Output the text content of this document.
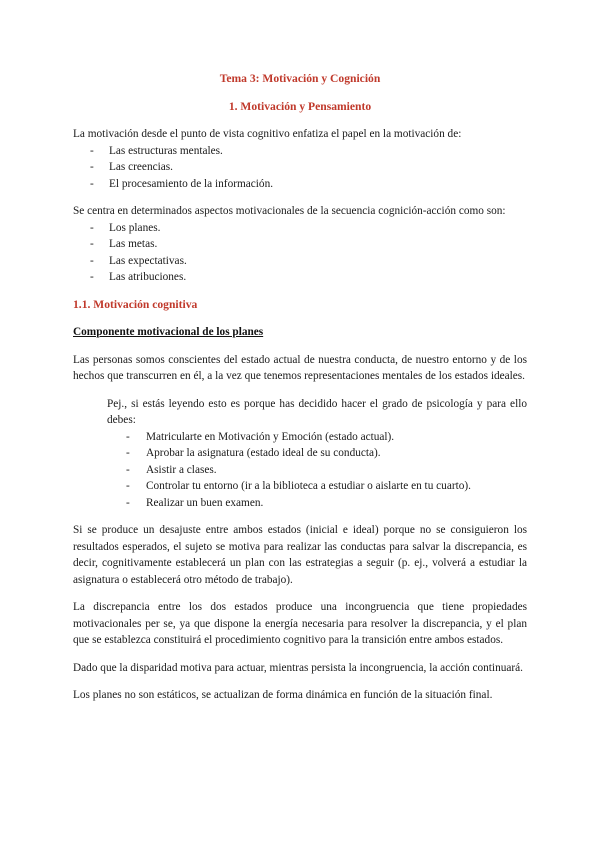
Tema 3: Motivación y Cognición
1. Motivación y Pensamiento

La motivación desde el punto de vista cognitivo enfatiza el papel en la motivación de:

- Las estructuras mentales.
- Las creencias.
- El procesamiento de la información.

Se centra en determinados aspectos motivacionales de la secuencia cognición-acción como son:

- Los planes.
- Las metas.
- Las expectativas.
- Las atribuciones.
1.1. Motivación cognitiva
Componente motivacional de los planes

Las personas somos conscientes del estado actual de nuestra conducta, de nuestro entorno y de los hechos que transcurren en él, a la vez que tenemos representaciones mentales de los estados ideales.

Pej., si estás leyendo esto es porque has decidido hacer el grado de psicología y para ello debes:

- Matricularte en Motivación y Emoción (estado actual).
- Aprobar la asignatura (estado ideal de su conducta).
- Asistir a clases.
- Controlar tu entorno (ir a la biblioteca a estudiar o aislarte en tu cuarto).
- Realizar un buen examen.

Si se produce un desajuste entre ambos estados (inicial e ideal) porque no se consiguieron los resultados esperados, el sujeto se motiva para realizar las conductas para salvar la discrepancia, es decir, cognitivamente establecerá un plan con las estrategias a seguir (p. ej., volverá a estudiar la asignatura o establecerá otro método de trabajo).

La discrepancia entre los dos estados produce una incongruencia que tiene propiedades motivacionales per se, ya que dispone la energía necesaria para resolver la discrepancia, y el plan que se establezca constituirá el procedimiento cognitivo para la transición entre ambos estados.

Dado que la disparidad motiva para actuar, mientras persista la incongruencia, la acción continuará.

Los planes no son estáticos, se actualizan de forma dinámica en función de la situación final.
